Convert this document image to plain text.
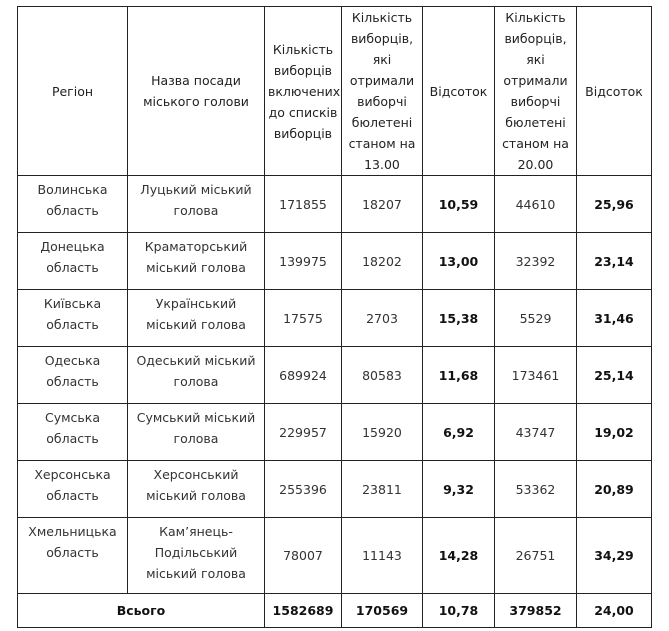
Регіон	Назва посади міського голови	Кількість виборців включених до списків виборців	Кількість виборців, які отримали виборчі бюлетені станом на 13.00	Відсоток	Кількість виборців, які отримали виборчі бюлетені станом на 20.00	Відсоток
Волинська область	Луцький міський голова	171855	18207	10,59	44610	25,96
Донецька область	Краматорський міський голова	139975	18202	13,00	32392	23,14
Київська область	Український міський голова	17575	2703	15,38	5529	31,46
Одеська область	Одеський міський голова	689924	80583	11,68	173461	25,14
Сумська область	Сумський міський голова	229957	15920	6,92	43747	19,02
Херсонська область	Херсонський міський голова	255396	23811	9,32	53362	20,89
Хмельницька область	Кам’янець-Подільський міський голова	78007	11143	14,28	26751	34,29
Всього		1582689	170569	10,78	379852	24,00
